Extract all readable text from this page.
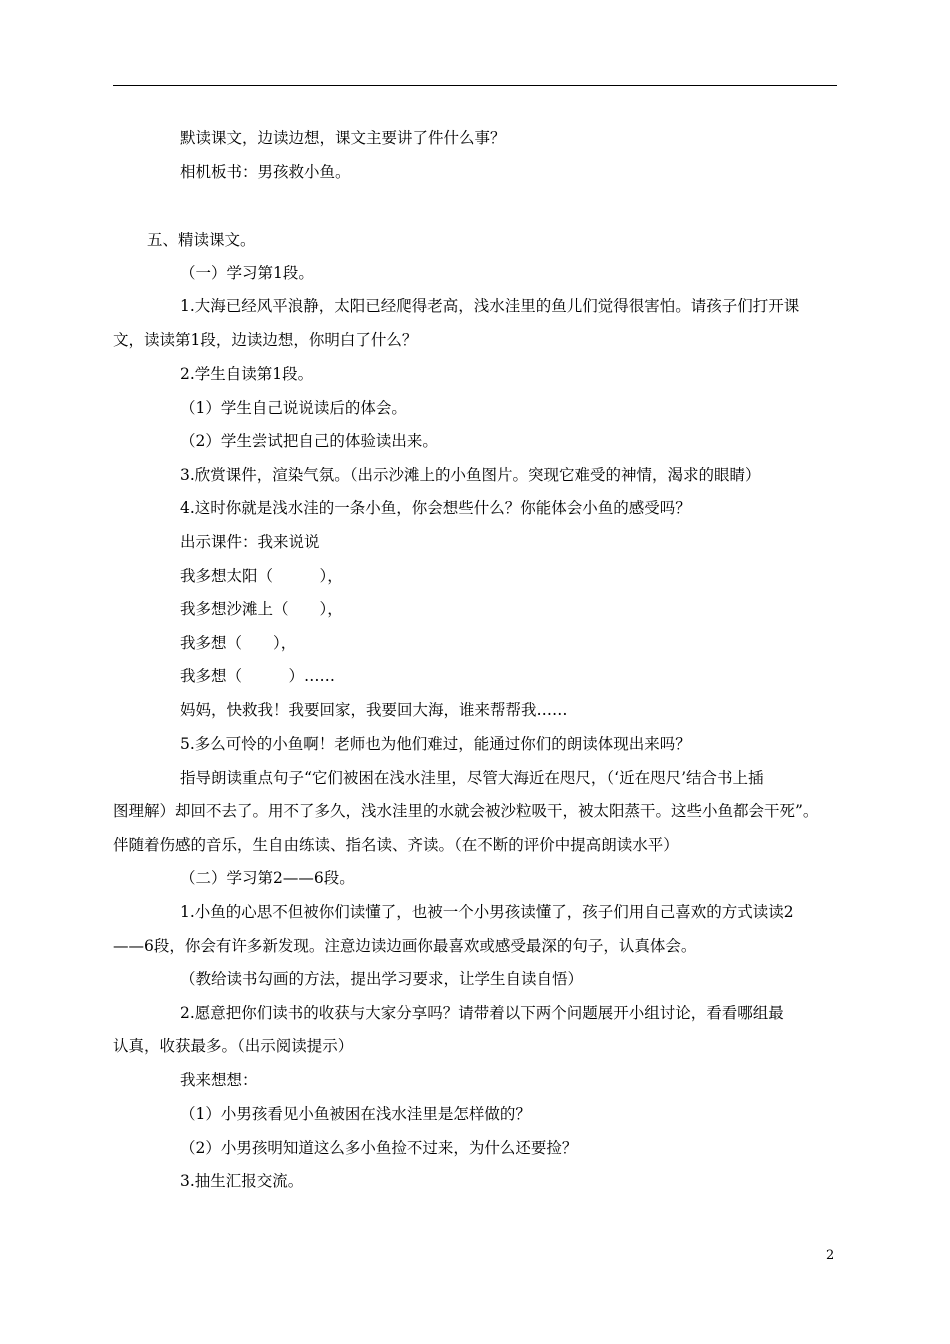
默读课文，边读边想，课文主要讲了件什么事？
相机板书：男孩救小鱼。
五、精读课文。
（一）学习第1段。
1.大海已经风平浪静，太阳已经爬得老高，浅水洼里的鱼儿们觉得很害怕。请孩子们打开课
文，读读第1段，边读边想，你明白了什么？
2.学生自读第1段。
（1）学生自己说说读后的体会。
（2）学生尝试把自己的体验读出来。
3.欣赏课件，渲染气氛。（出示沙滩上的小鱼图片。突现它难受的神情，渴求的眼睛）
4.这时你就是浅水洼的一条小鱼，你会想些什么？你能体会小鱼的感受吗？
出示课件：我来说说
我多想太阳（　　　），
我多想沙滩上（　　），
我多想（　　），
我多想（　　　）……
妈妈，快救我！我要回家，我要回大海，谁来帮帮我……
5.多么可怜的小鱼啊！老师也为他们难过，能通过你们的朗读体现出来吗？
指导朗读重点句子“它们被困在浅水洼里，尽管大海近在咫尺，（‘近在咫尺’结合书上插
图理解）却回不去了。用不了多久，浅水洼里的水就会被沙粒吸干，被太阳蒸干。这些小鱼都会干死”。
伴随着伤感的音乐，生自由练读、指名读、齐读。（在不断的评价中提高朗读水平）
（二）学习第2——6段。
1.小鱼的心思不但被你们读懂了，也被一个小男孩读懂了，孩子们用自己喜欢的方式读读2
——6段，你会有许多新发现。注意边读边画你最喜欢或感受最深的句子，认真体会。
（教给读书勾画的方法，提出学习要求，让学生自读自悟）
2.愿意把你们读书的收获与大家分享吗？请带着以下两个问题展开小组讨论，看看哪组最
认真，收获最多。（出示阅读提示）
我来想想：
（1）小男孩看见小鱼被困在浅水洼里是怎样做的？
（2）小男孩明知道这么多小鱼捡不过来，为什么还要捡？
3.抽生汇报交流。
2
